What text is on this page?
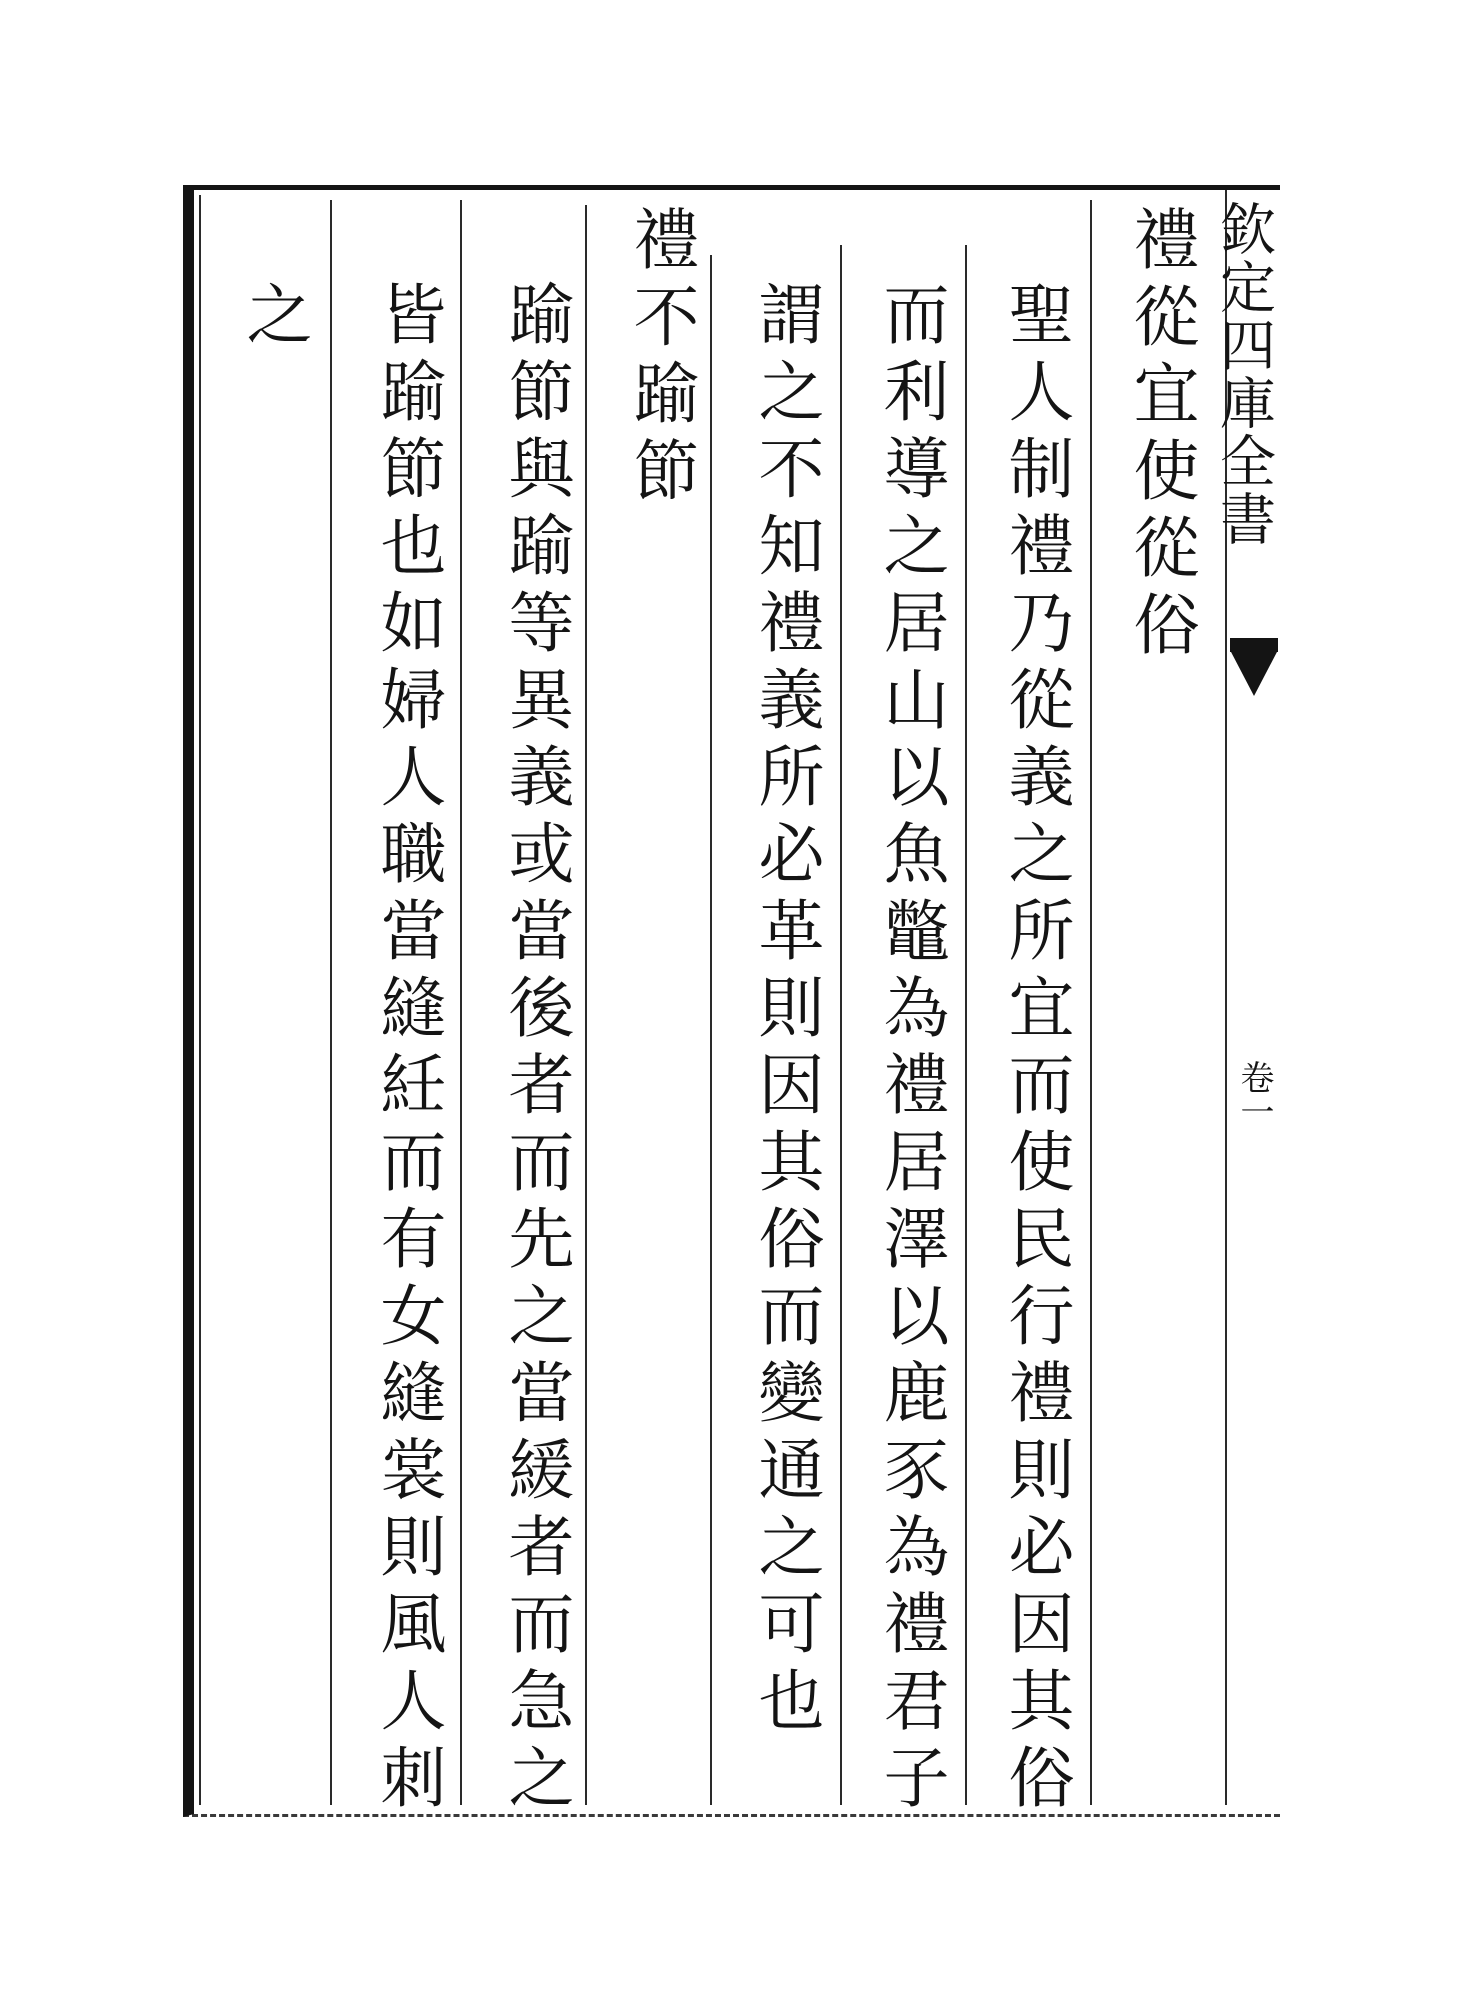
欽定四庫全書
卷一
禮從宜使從俗
聖人制禮乃從義之所宜而使民行禮則必因其俗
而利導之居山以魚鼈為禮居澤以鹿豕為禮君子
謂之不知禮義所必革則因其俗而變通之可也
禮不踰節
踰節與踰等異義或當後者而先之當緩者而急之
皆踰節也如婦人職當縫紝而有女縫裳則風人刺
之
